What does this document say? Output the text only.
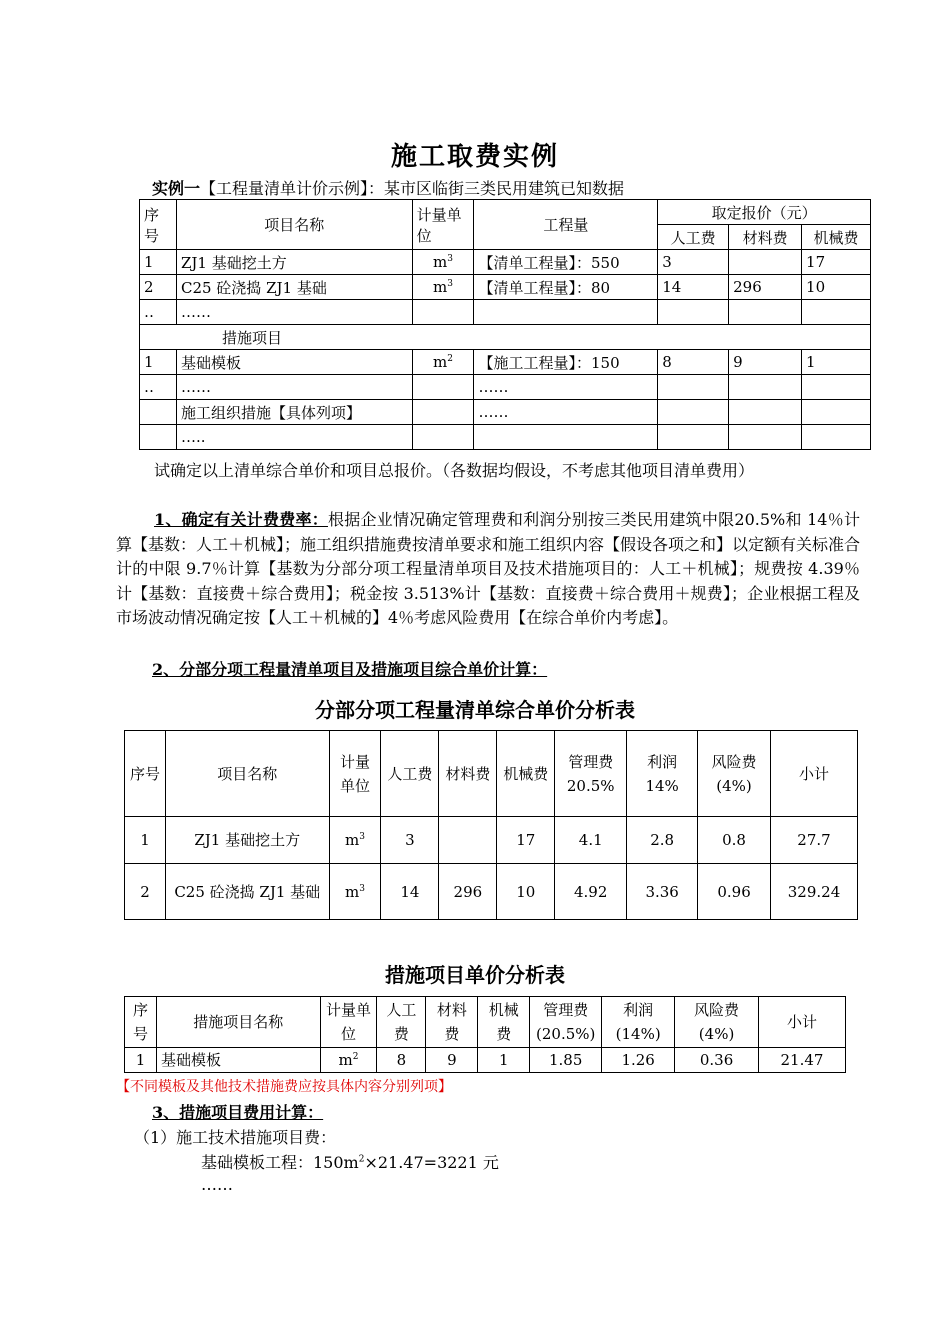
施工取费实例
实例一【工程量清单计价示例】：某市区临街三类民用建筑已知数据
序号	项目名称	计量单位	工程量	取定报价（元）		
				人工费	材料费	机械费
1	ZJ1 基础挖土方	$m^3$	【清单工程量】：550	3		17
2	C25 砼浇捣 ZJ1 基础	$m^3$	【清单工程量】：80	14	296	10
‥	……					
措施项目						
1	基础模板	$m^2$	【施工工程量】：150	8	9	1
‥	……		……			
	施工组织措施【具体列项】		……			
	…..					
试确定以上清单综合单价和项目总报价。（各数据均假设，不考虑其他项目清单费用）
1、确定有关计费费率：根据企业情况确定管理费和利润分别按三类民用建筑中限20.5%和 14％计算【基数：人工＋机械】；施工组织措施费按清单要求和施工组织内容【假设各项之和】以定额有关标准合计的中限 9.7％计算【基数为分部分项工程量清单项目及技术措施项目的：人工＋机械】；规费按 4.39％计【基数：直接费＋综合费用】；税金按 3.513%计【基数：直接费＋综合费用＋规费】；企业根据工程及市场波动情况确定按【人工＋机械的】4％考虑风险费用【在综合单价内考虑】。
2、分部分项工程量清单项目及措施项目综合单价计算：
分部分项工程量清单综合单价分析表
序号	项目名称	计量单位	人工费	材料费	机械费	管理费20.5%	利润14%	风险费(4%)	小计
1	ZJ1 基础挖土方	$m^3$	3		17	4.1	2.8	0.8	27.7
2	C25 砼浇捣 ZJ1 基础	$m^3$	14	296	10	4.92	3.36	0.96	329.24
措施项目单价分析表
序号	措施项目名称	计量单位	人工费	材料费	机械费	管理费(20.5%)	利润(14%)	风险费(4%)	小计
1	基础模板	$m^2$	8	9	1	1.85	1.26	0.36	21.47
【不同模板及其他技术措施费应按具体内容分别列项】
3、措施项目费用计算：
（1）施工技术措施项目费：
基础模板工程：$150m^2\times 21.47=3221$ 元
……
